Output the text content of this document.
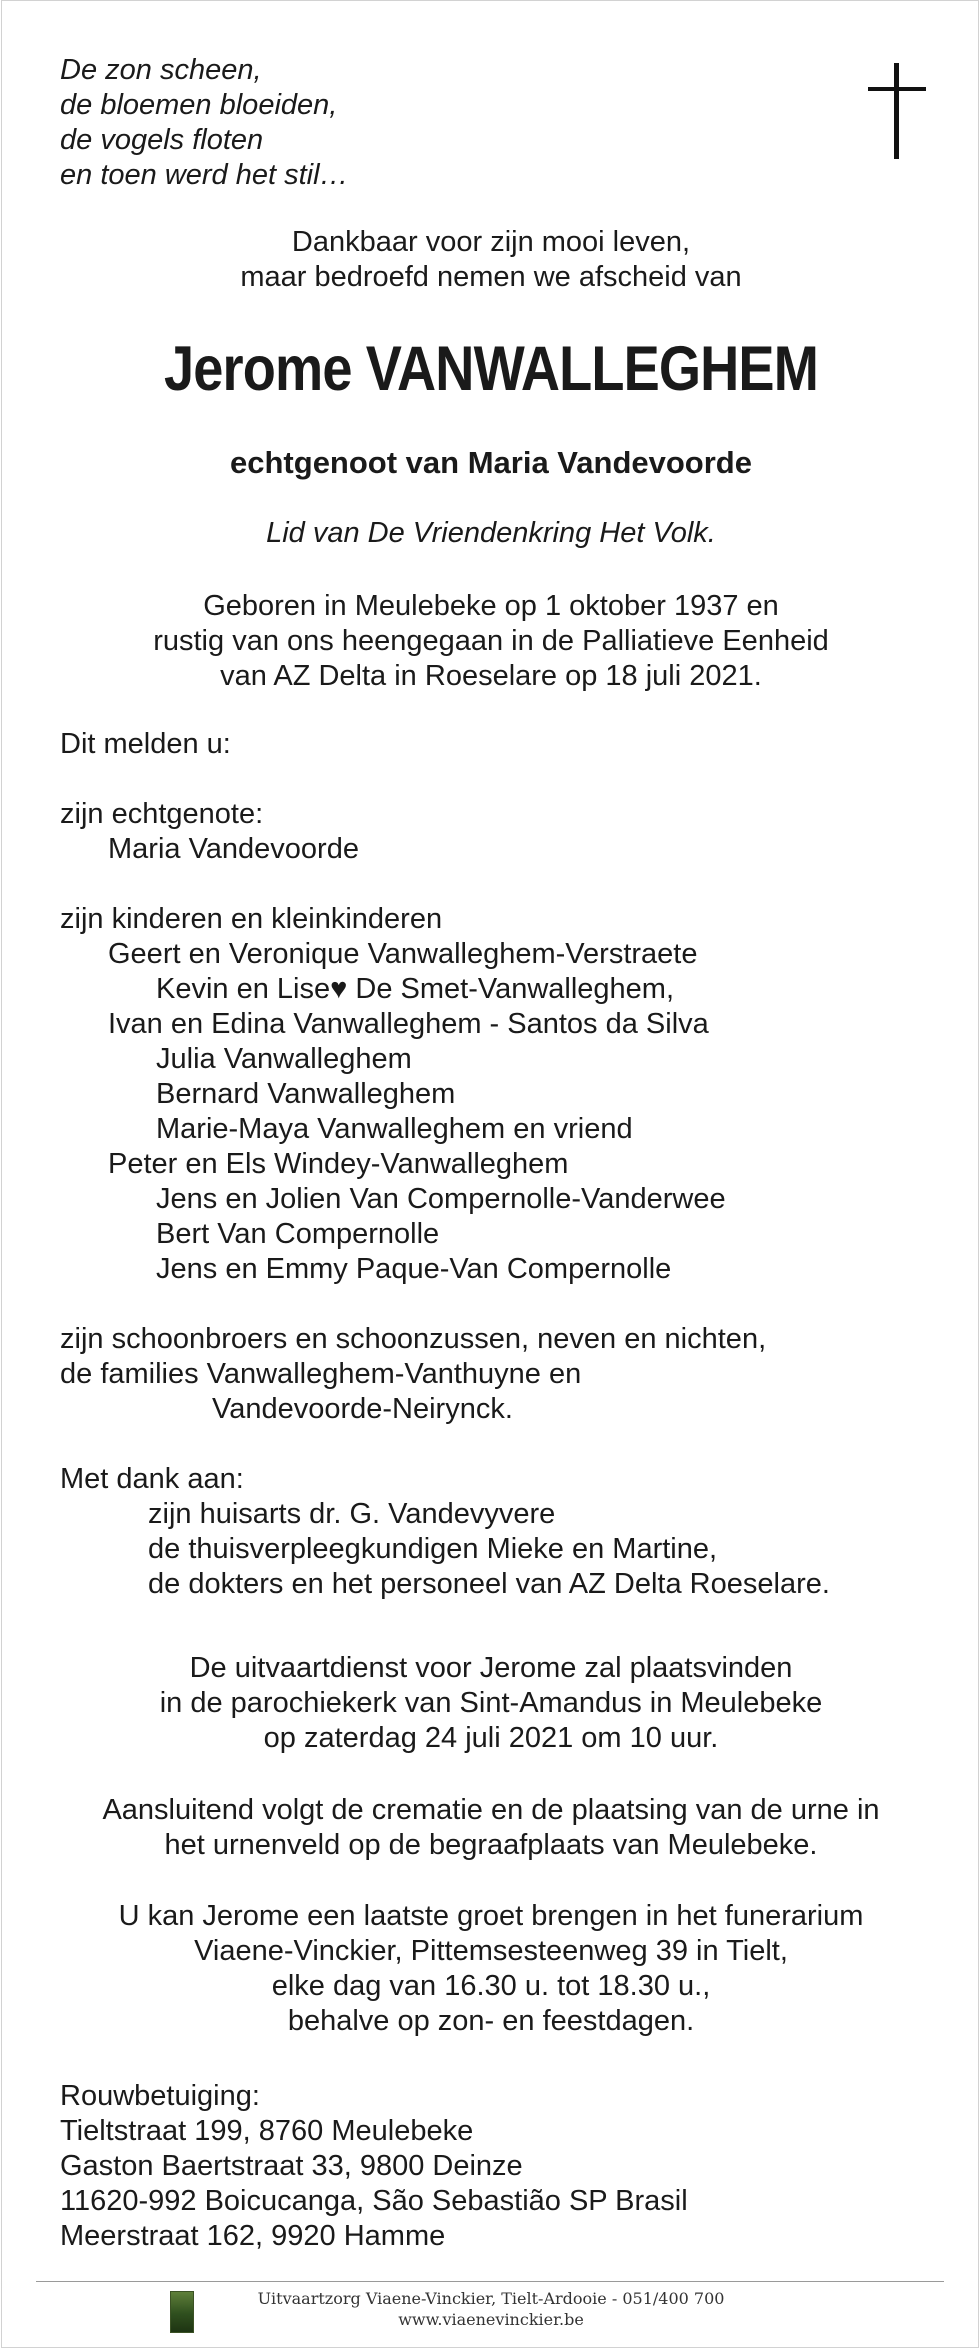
De zon scheen,
de bloemen bloeiden,
de vogels floten
en toen werd het stil…
Dankbaar voor zijn mooi leven,
maar bedroefd nemen we afscheid van
Jerome VANWALLEGHEM
echtgenoot van Maria Vandevoorde
Lid van De Vriendenkring Het Volk.
Geboren in Meulebeke op 1 oktober 1937 en
rustig van ons heengegaan in de Palliatieve Eenheid
van AZ Delta in Roeselare op 18 juli 2021.

Dit melden u:

zijn echtgenote:

Maria Vandevoorde

zijn kinderen en kleinkinderen

Geert en Veronique Vanwalleghem-Verstraete

Kevin en Lise♥ De Smet-Vanwalleghem,

Ivan en Edina Vanwalleghem - Santos da Silva

Julia Vanwalleghem

Bernard Vanwalleghem

Marie-Maya Vanwalleghem en vriend

Peter en Els Windey-Vanwalleghem

Jens en Jolien Van Compernolle-Vanderwee

Bert Van Compernolle

Jens en Emmy Paque-Van Compernolle

zijn schoonbroers en schoonzussen, neven en nichten,

de families Vanwalleghem-Vanthuyne en

Vandevoorde-Neirynck.

Met dank aan:

zijn huisarts dr. G. Vandevyvere

de thuisverpleegkundigen Mieke en Martine,

de dokters en het personeel van AZ Delta Roeselare.

De uitvaartdienst voor Jerome zal plaatsvinden
in de parochiekerk van Sint-Amandus in Meulebeke
op zaterdag 24 juli 2021 om 10 uur.
Aansluitend volgt de crematie en de plaatsing van de urne in
het urnenveld op de begraafplaats van Meulebeke.
U kan Jerome een laatste groet brengen in het funerarium
Viaene-Vinckier, Pittemsesteenweg 39 in Tielt,
elke dag van 16.30 u. tot 18.30 u.,
behalve op zon- en feestdagen.

Rouwbetuiging:

Tieltstraat 199, 8760 Meulebeke

Gaston Baertstraat 33, 9800 Deinze

11620-992 Boicucanga, São Sebastião SP Brasil

Meerstraat 162, 9920 Hamme

Uitvaartzorg Viaene-Vinckier, Tielt-Ardooie - 051/400 700
www.viaenevinckier.be
